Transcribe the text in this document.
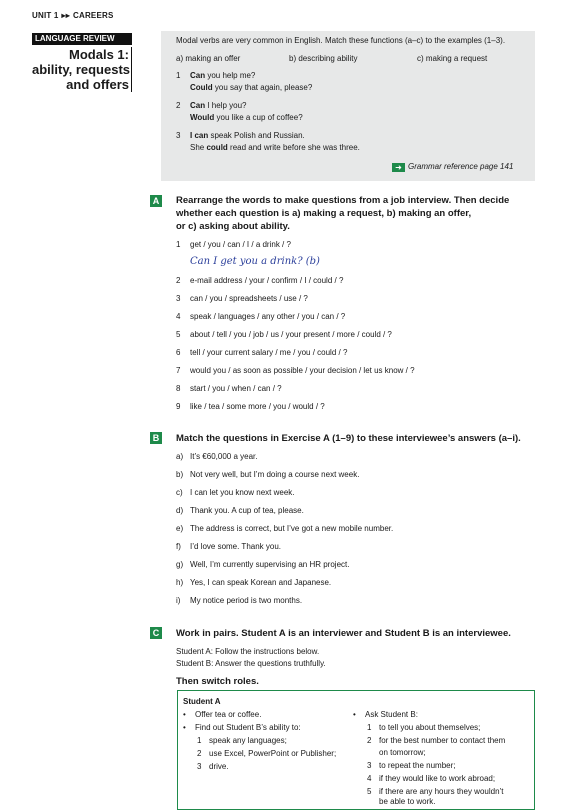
UNIT 1 ▸▸ CAREERS
LANGUAGE REVIEW
Modals 1:
ability, requests
and offers
Modal verbs are very common in English. Match these functions (a–c) to the examples (1–3).
a) making an offer	b) describing ability	c) making a request
1 Can you help me?
Could you say that again, please?
2 Can I help you?
Would you like a cup of coffee?
3 I can speak Polish and Russian.
She could read and write before she was three.
➜ Grammar reference page 141
A Rearrange the words to make questions from a job interview. Then decide
whether each question is a) making a request, b) making an offer,
or c) asking about ability.
1 get / you / can / I / a drink / ?
Can I get you a drink? (b)
2 e-mail address / your / confirm / I / could / ?
3 can / you / spreadsheets / use / ?
4 speak / languages / any other / you / can / ?
5 about / tell / you / job / us / your present / more / could / ?
6 tell / your current salary / me / you / could / ?
7 would you / as soon as possible / your decision / let us know / ?
8 start / you / when / can / ?
9 like / tea / some more / you / would / ?
B Match the questions in Exercise A (1–9) to these interviewee’s answers (a–i).
a) It’s €60,000 a year.
b) Not very well, but I’m doing a course next week.
c) I can let you know next week.
d) Thank you. A cup of tea, please.
e) The address is correct, but I’ve got a new mobile number.
f) I’d love some. Thank you.
g) Well, I’m currently supervising an HR project.
h) Yes, I can speak Korean and Japanese.
i) My notice period is two months.
C Work in pairs. Student A is an interviewer and Student B is an interviewee.
Student A: Follow the instructions below.
Student B: Answer the questions truthfully.
Then switch roles.
Student A
• Offer tea or coffee.
• Find out Student B’s ability to:
1 speak any languages;
2 use Excel, PowerPoint or Publisher;
3 drive.
• Ask Student B:
1 to tell you about themselves;
2 for the best number to contact them
on tomorrow;
3 to repeat the number;
4 if they would like to work abroad;
5 if there are any hours they wouldn’t
be able to work.
